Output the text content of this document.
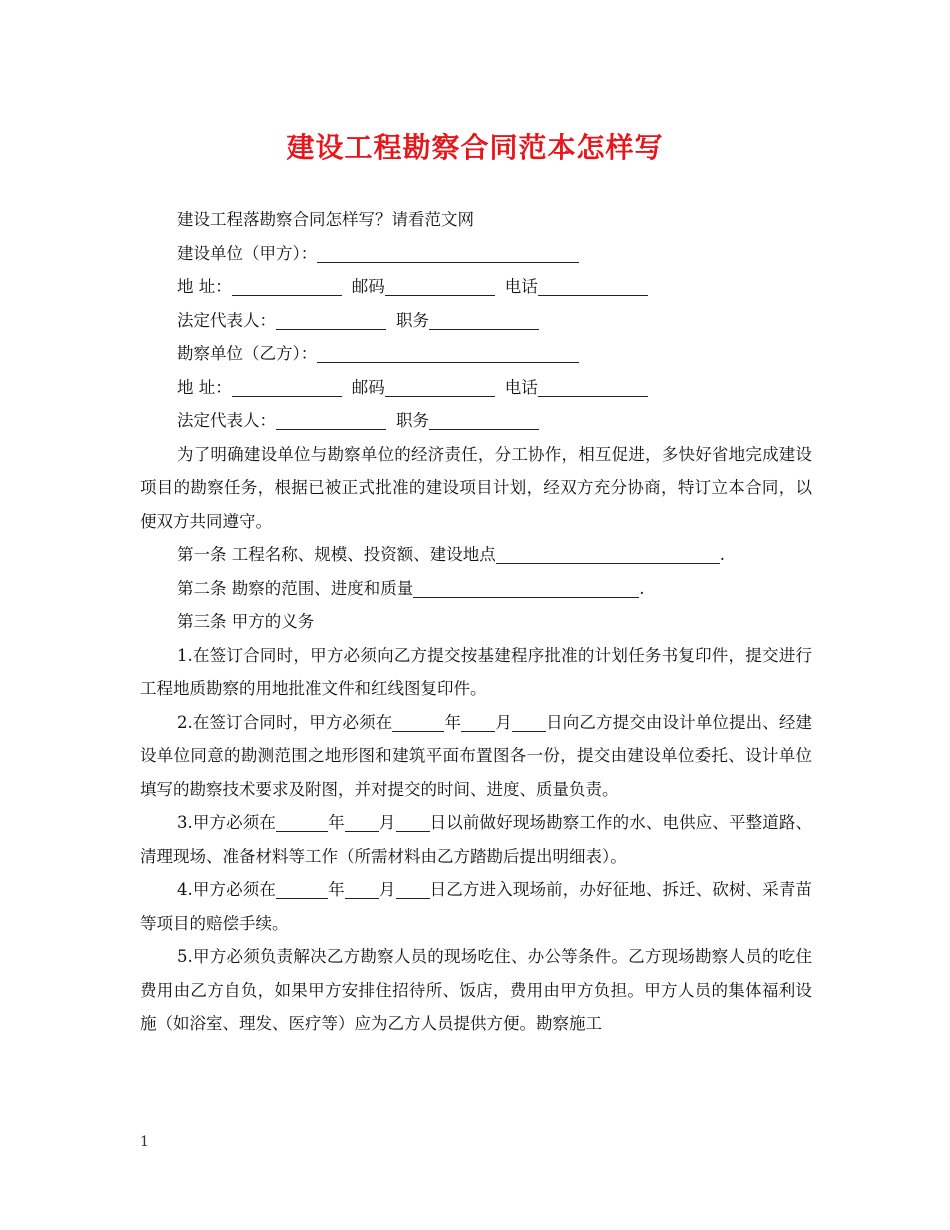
建设工程勘察合同范本怎样写

建设工程落勘察合同怎样写？请看范文网

建设单位（甲方）：

地 址：	邮码	电话

法定代表人：	职务

勘察单位（乙方）：

地 址：	邮码	电话

法定代表人：	职务

为了明确建设单位与勘察单位的经济责任，分工协作，相互促进，多快好省地完成建设项目的勘察任务，根据已被正式批准的建设项目计划，经双方充分协商，特订立本合同，以便双方共同遵守。

第一条 工程名称、规模、投资额、建设地点	.

第二条 勘察的范围、进度和质量	.

第三条 甲方的义务

1.在签订合同时，甲方必须向乙方提交按基建程序批准的计划任务书复印件，提交进行工程地质勘察的用地批准文件和红线图复印件。

2.在签订合同时，甲方必须在	年 月 日向乙方提交由设计单位提出、经建设单位同意的勘测范围之地形图和建筑平面布置图各一份，提交由建设单位委托、设计单位填写的勘察技术要求及附图，并对提交的时间、进度、质量负责。

3.甲方必须在	年 月 日以前做好现场勘察工作的水、电供应、平整道路、清理现场、准备材料等工作（所需材料由乙方踏勘后提出明细表）。

4.甲方必须在	年 月 日乙方进入现场前，办好征地、拆迁、砍树、采青苗等项目的赔偿手续。

5.甲方必须负责解决乙方勘察人员的现场吃住、办公等条件。乙方现场勘察人员的吃住费用由乙方自负，如果甲方安排住招待所、饭店，费用由甲方负担。甲方人员的集体福利设施（如浴室、理发、医疗等）应为乙方人员提供方便。勘察施工

1
